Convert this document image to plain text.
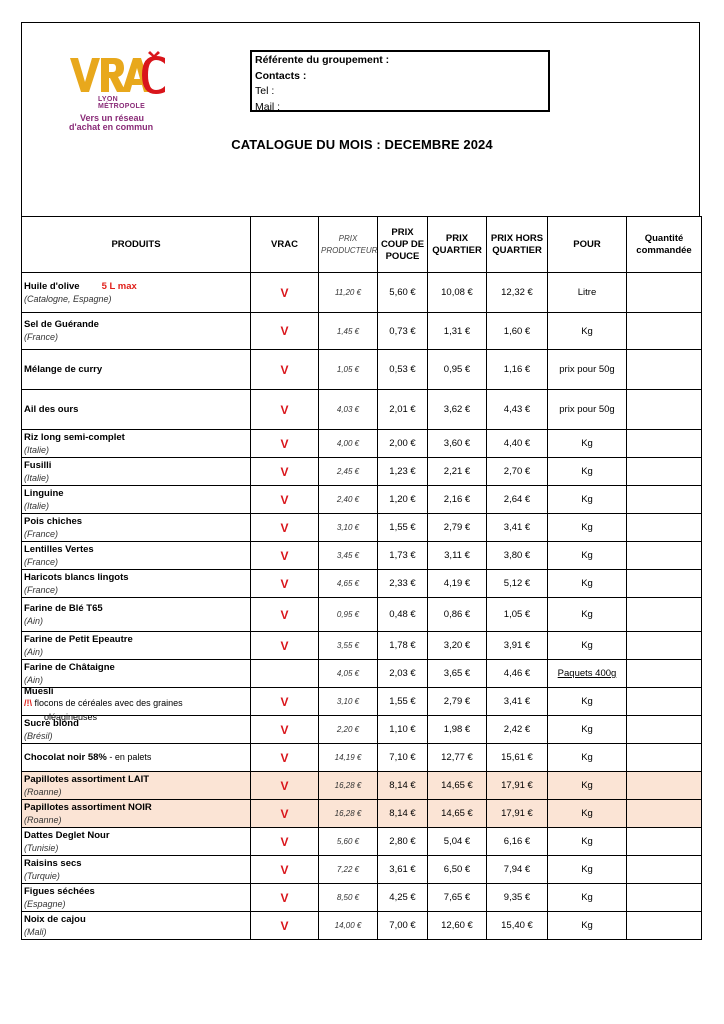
LYON
MÉTROPOLE
Vers un réseau
d'achat en commun
Référente du groupement :
Contacts :
Tel :
Mail :
CATALOGUE DU MOIS : DECEMBRE 2024
PRODUITS	VRAC	PRIX PRODUCTEUR	PRIX COUP DE POUCE	PRIX QUARTIER	PRIX HORS QUARTIER	POUR	Quantité commandée

Huile d'olive 5 L max
(Catalogne, Espagne)	V	11,20 €	5,60 €	10,08 €	12,32 €	Litre	

Sel de Guérande
(France)	V	1,45 €	0,73 €	1,31 €	1,60 €	Kg	

Mélange de curry	V	1,05 €	0,53 €	0,95 €	1,16 €	prix pour 50g	

Ail des ours	V	4,03 €	2,01 €	3,62 €	4,43 €	prix pour 50g	

Riz long semi-complet
(Italie)	V	4,00 €	2,00 €	3,60 €	4,40 €	Kg	

Fusilli
(Italie)	V	2,45 €	1,23 €	2,21 €	2,70 €	Kg	

Linguine
(Italie)	V	2,40 €	1,20 €	2,16 €	2,64 €	Kg	

Pois chiches
(France)	V	3,10 €	1,55 €	2,79 €	3,41 €	Kg	

Lentilles Vertes
(France)	V	3,45 €	1,73 €	3,11 €	3,80 €	Kg	

Haricots blancs lingots
(France)	V	4,65 €	2,33 €	4,19 €	5,12 €	Kg	

Farine de Blé T65
(Ain)	V	0,95 €	0,48 €	0,86 €	1,05 €	Kg	

Farine de Petit Epeautre
(Ain)	V	3,55 €	1,78 €	3,20 €	3,91 €	Kg	

Farine de Châtaigne
(Ain)		4,05 €	2,03 €	3,65 €	4,46 €	Paquets 400g	

Muesli
/!\ flocons de céréales avec des graines
oléagineuses	V	3,10 €	1,55 €	2,79 €	3,41 €	Kg	

Sucre blond
(Brésil)	V	2,20 €	1,10 €	1,98 €	2,42 €	Kg	

Chocolat noir 58% - en palets	V	14,19 €	7,10 €	12,77 €	15,61 €	Kg	

Papillotes assortiment LAIT
(Roanne)	V	16,28 €	8,14 €	14,65 €	17,91 €	Kg	

Papillotes assortiment NOIR
(Roanne)	V	16,28 €	8,14 €	14,65 €	17,91 €	Kg	

Dattes Deglet Nour
(Tunisie)	V	5,60 €	2,80 €	5,04 €	6,16 €	Kg	

Raisins secs
(Turquie)	V	7,22 €	3,61 €	6,50 €	7,94 €	Kg	

Figues séchées
(Espagne)	V	8,50 €	4,25 €	7,65 €	9,35 €	Kg	

Noix de cajou
(Mali)	V	14,00 €	7,00 €	12,60 €	15,40 €	Kg	
